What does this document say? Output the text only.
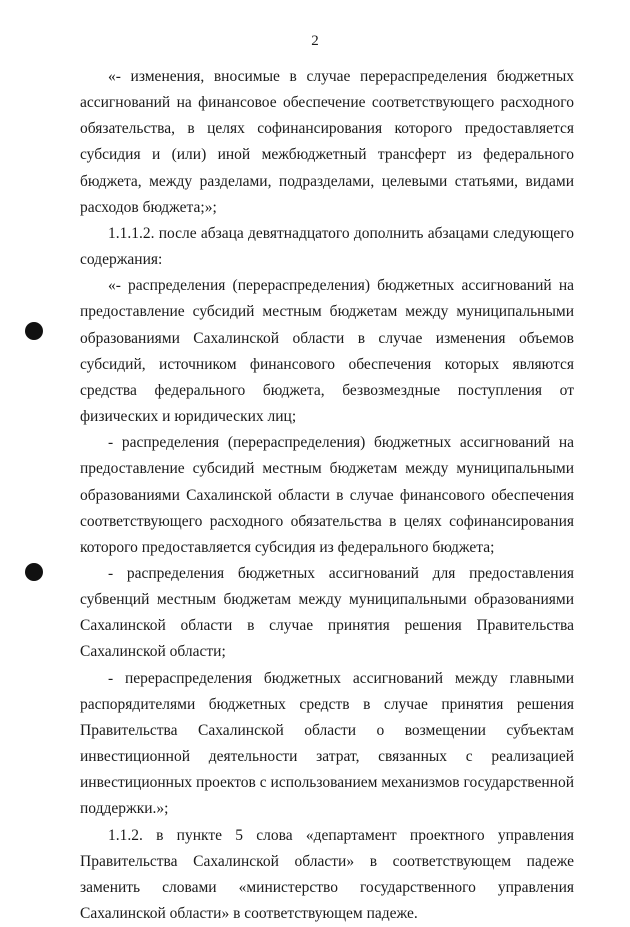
2

«- изменения, вносимые в случае перераспределения бюджетных ассигнований на финансовое обеспечение соответствующего расходного обязательства, в целях софинансирования которого предоставляется субсидия и (или) иной межбюджетный трансферт из федерального бюджета, между разделами, подразделами, целевыми статьями, видами расходов бюджета;»;

1.1.1.2. после абзаца девятнадцатого дополнить абзацами следующего содержания:

«- распределения (перераспределения) бюджетных ассигнований на предоставление субсидий местным бюджетам между муниципальными образованиями Сахалинской области в случае изменения объемов субсидий, источником финансового обеспечения которых являются средства федерального бюджета, безвозмездные поступления от физических и юридических лиц;

- распределения (перераспределения) бюджетных ассигнований на предоставление субсидий местным бюджетам между муниципальными образованиями Сахалинской области в случае финансового обеспечения соответствующего расходного обязательства в целях софинансирования которого предоставляется субсидия из федерального бюджета;

- распределения бюджетных ассигнований для предоставления субвенций местным бюджетам между муниципальными образованиями Сахалинской области в случае принятия решения Правительства Сахалинской области;

- перераспределения бюджетных ассигнований между главными распорядителями бюджетных средств в случае принятия решения Правительства Сахалинской области о возмещении субъектам инвестиционной деятельности затрат, связанных с реализацией инвестиционных проектов с использованием механизмов государственной поддержки.»;

1.1.2. в пункте 5 слова «департамент проектного управления Правительства Сахалинской области» в соответствующем падеже заменить словами «министерство государственного управления Сахалинской области» в соответствующем падеже.
